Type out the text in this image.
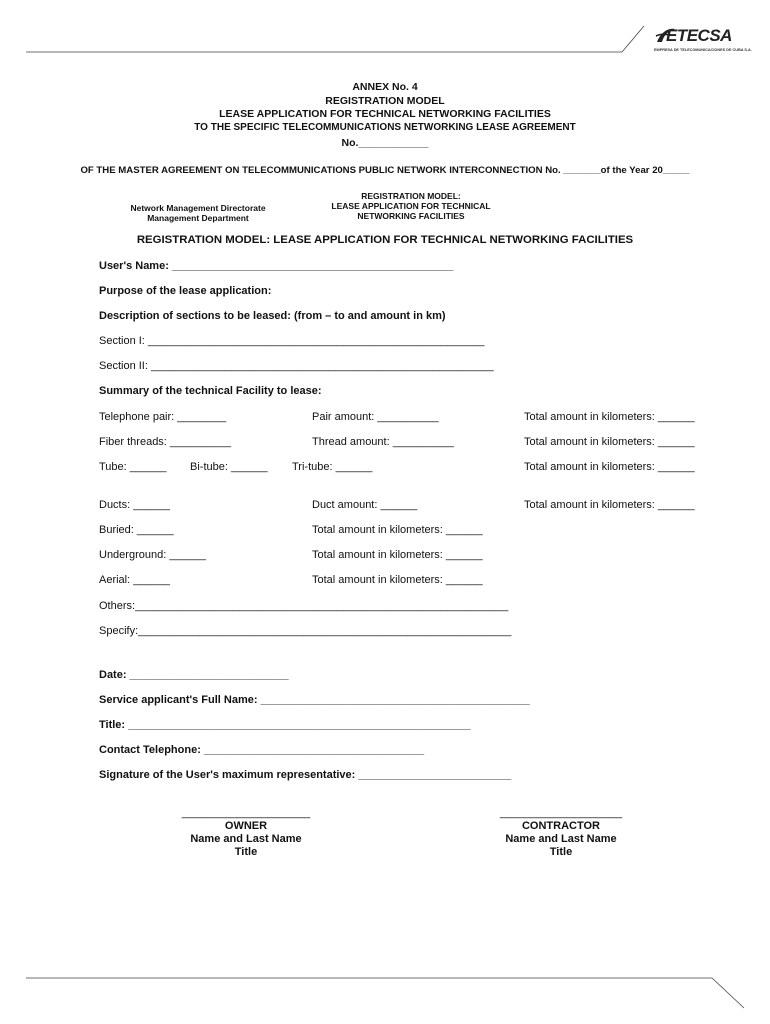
ETECSA
EMPRESA DE TELECOMUNICACIONES DE CUBA S.A.
ANNEX No. 4
REGISTRATION MODEL
LEASE APPLICATION FOR TECHNICAL NETWORKING FACILITIES
TO THE SPECIFIC TELECOMMUNICATIONS NETWORKING LEASE AGREEMENT
No.____________
OF THE MASTER AGREEMENT ON TELECOMMUNICATIONS PUBLIC NETWORK INTERCONNECTION No. _______of the Year 20_____
Network Management Directorate
Management Department
REGISTRATION MODEL:
LEASE APPLICATION FOR TECHNICAL
NETWORKING FACILITIES
REGISTRATION MODEL: LEASE APPLICATION FOR TECHNICAL NETWORKING FACILITIES
User's Name: ______________________________________________
Purpose of the lease application:
Description of sections to be leased: (from – to and amount in km)
Section I: _______________________________________________________
Section II: ________________________________________________________
Summary of the technical Facility to lease:
Telephone pair: ________	Pair amount: __________	Total amount in kilometers: ______
Fiber threads: __________	Thread amount: __________	Total amount in kilometers: ______
Tube: ______ Bi-tube: ______ Tri-tube: ______	Total amount in kilometers: ______
Ducts: ______	Duct amount: ______	Total amount in kilometers: ______
Buried: ______	Total amount in kilometers: ______
Underground: ______	Total amount in kilometers: ______
Aerial: ______	Total amount in kilometers: ______
Others:_____________________________________________________________
Specify:_____________________________________________________________
Date: __________________________
Service applicant's Full Name: ____________________________________________
Title: ________________________________________________________
Contact Telephone: ____________________________________
Signature of the User's maximum representative: _________________________
_____________________
OWNER
Name and Last Name
Title
____________________
CONTRACTOR
Name and Last Name
Title
